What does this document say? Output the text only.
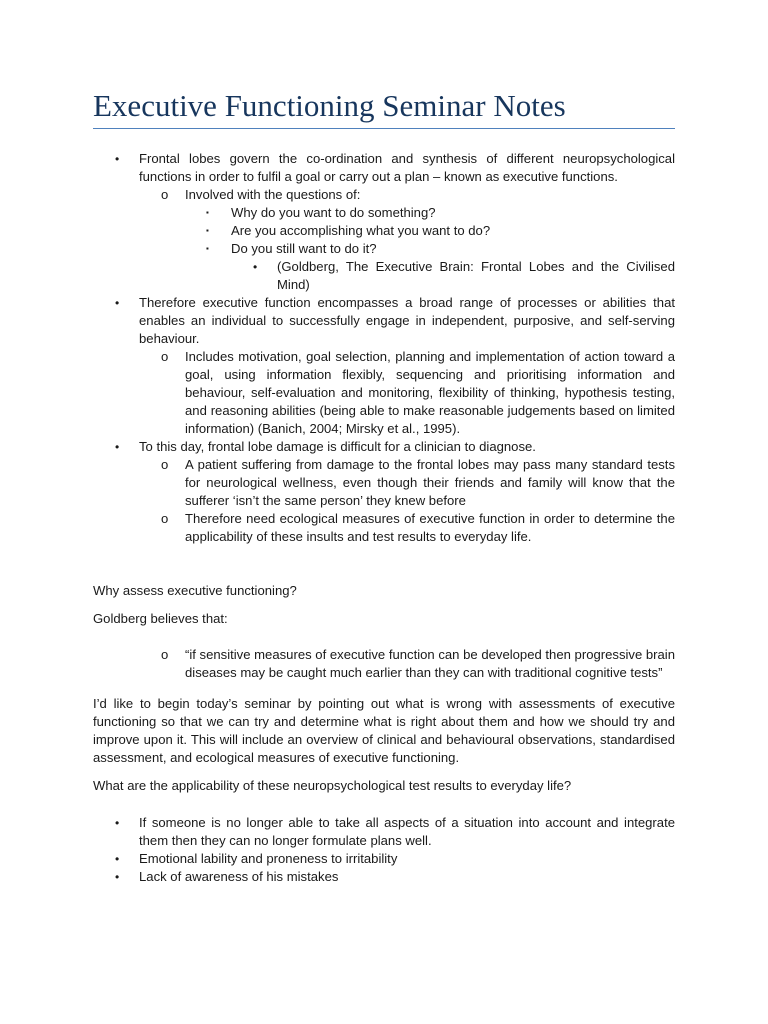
Executive Functioning Seminar Notes
• Frontal lobes govern the co-ordination and synthesis of different neuropsychological functions in order to fulfil a goal or carry out a plan – known as executive functions.
o Involved with the questions of:
▪ Why do you want to do something?
▪ Are you accomplishing what you want to do?
▪ Do you still want to do it?
• (Goldberg, The Executive Brain: Frontal Lobes and the Civilised Mind)
• Therefore executive function encompasses a broad range of processes or abilities that enables an individual to successfully engage in independent, purposive, and self-serving behaviour.
o Includes motivation, goal selection, planning and implementation of action toward a goal, using information flexibly, sequencing and prioritising information and behaviour, self-evaluation and monitoring, flexibility of thinking, hypothesis testing, and reasoning abilities (being able to make reasonable judgements based on limited information) (Banich, 2004; Mirsky et al., 1995).
• To this day, frontal lobe damage is difficult for a clinician to diagnose.
o A patient suffering from damage to the frontal lobes may pass many standard tests for neurological wellness, even though their friends and family will know that the sufferer ‘isn’t the same person’ they knew before
o Therefore need ecological measures of executive function in order to determine the applicability of these insults and test results to everyday life.

Why assess executive functioning?

Goldberg believes that:

o “if sensitive measures of executive function can be developed then progressive brain diseases may be caught much earlier than they can with traditional cognitive tests”

I’d like to begin today’s seminar by pointing out what is wrong with assessments of executive functioning so that we can try and determine what is right about them and how we should try and improve upon it. This will include an overview of clinical and behavioural observations, standardised assessment, and ecological measures of executive functioning.

What are the applicability of these neuropsychological test results to everyday life?

• If someone is no longer able to take all aspects of a situation into account and integrate them then they can no longer formulate plans well.
• Emotional lability and proneness to irritability
• Lack of awareness of his mistakes
